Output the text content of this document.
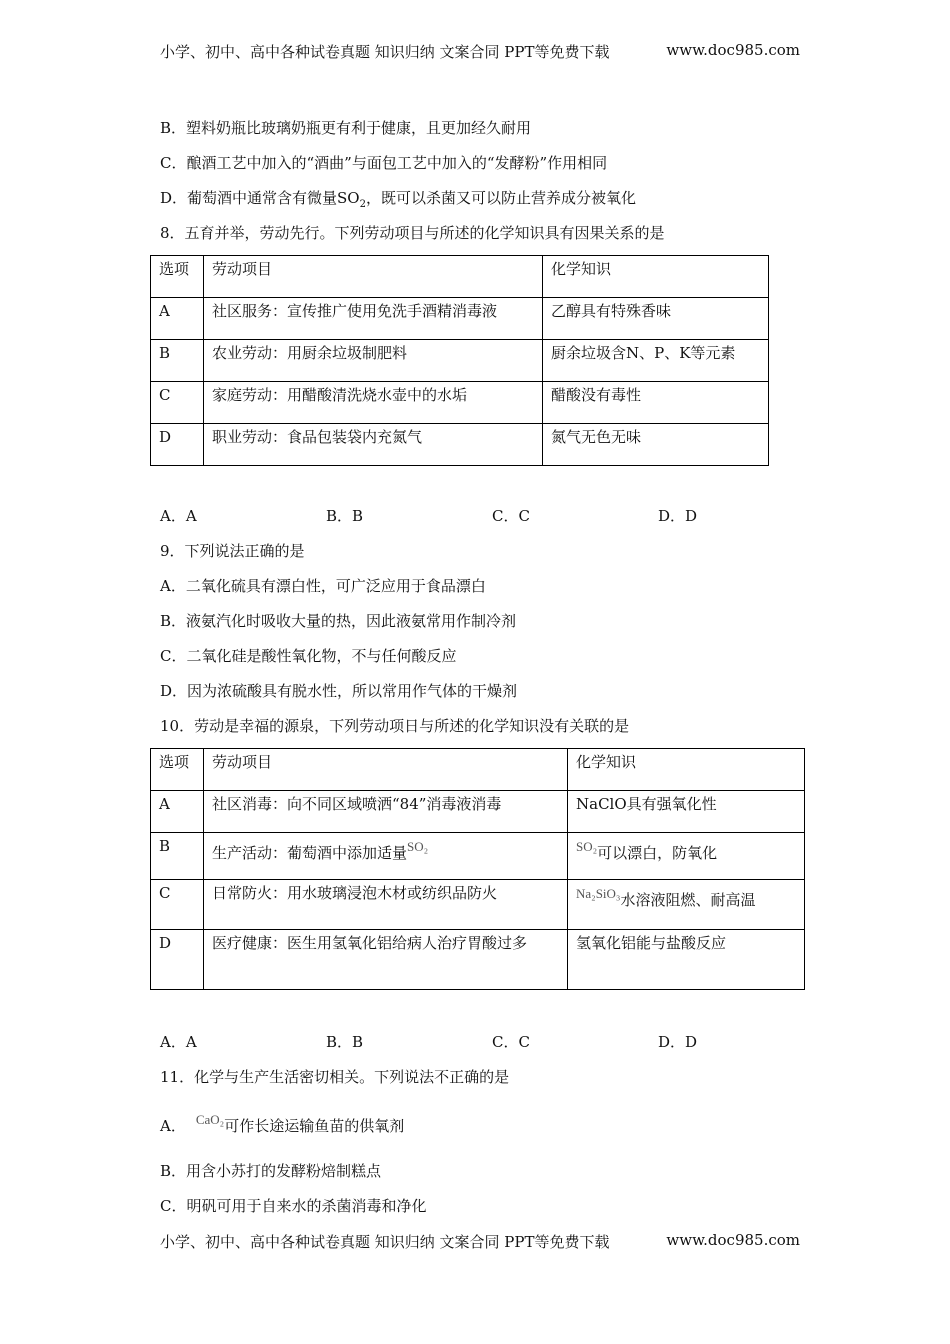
小学、初中、高中各种试卷真题 知识归纳 文案合同 PPT等免费下载	www.doc985.com
B．塑料奶瓶比玻璃奶瓶更有利于健康，且更加经久耐用
C．酿酒工艺中加入的“酒曲”与面包工艺中加入的“发酵粉”作用相同
D．葡萄酒中通常含有微量$SO_2$，既可以杀菌又可以防止营养成分被氧化
8．五育并举，劳动先行。下列劳动项目与所述的化学知识具有因果关系的是
选项	劳动项目	化学知识
A	社区服务：宣传推广使用免洗手酒精消毒液	乙醇具有特殊香味
B	农业劳动：用厨余垃圾制肥料	厨余垃圾含N、P、K等元素
C	家庭劳动：用醋酸清洗烧水壶中的水垢	醋酸没有毒性
D	职业劳动：食品包装袋内充氮气	氮气无色无味
A．A	B．B	C．C	D．D
9．下列说法正确的是
A．二氧化硫具有漂白性，可广泛应用于食品漂白
B．液氨汽化时吸收大量的热，因此液氨常用作制冷剂
C．二氧化硅是酸性氧化物，不与任何酸反应
D．因为浓硫酸具有脱水性，所以常用作气体的干燥剂
10．劳动是幸福的源泉，下列劳动项日与所述的化学知识没有关联的是
选项	劳动项目	化学知识
A	社区消毒：向不同区域喷洒“84”消毒液消毒	NaClO具有强氧化性
B	生产活动：葡萄酒中添加适量SO₂	SO₂可以漂白，防氧化
C	日常防火：用水玻璃浸泡木材或纺织品防火	Na₂SiO₃水溶液阻燃、耐高温
D	医疗健康：医生用氢氧化铝给病人治疗胃酸过多	氢氧化铝能与盐酸反应
A．A	B．B	C．C	D．D
11．化学与生产生活密切相关。下列说法不正确的是
A． CaO₂可作长途运输鱼苗的供氧剂
B．用含小苏打的发酵粉焙制糕点
C．明矾可用于自来水的杀菌消毒和净化
小学、初中、高中各种试卷真题 知识归纳 文案合同 PPT等免费下载	www.doc985.com
